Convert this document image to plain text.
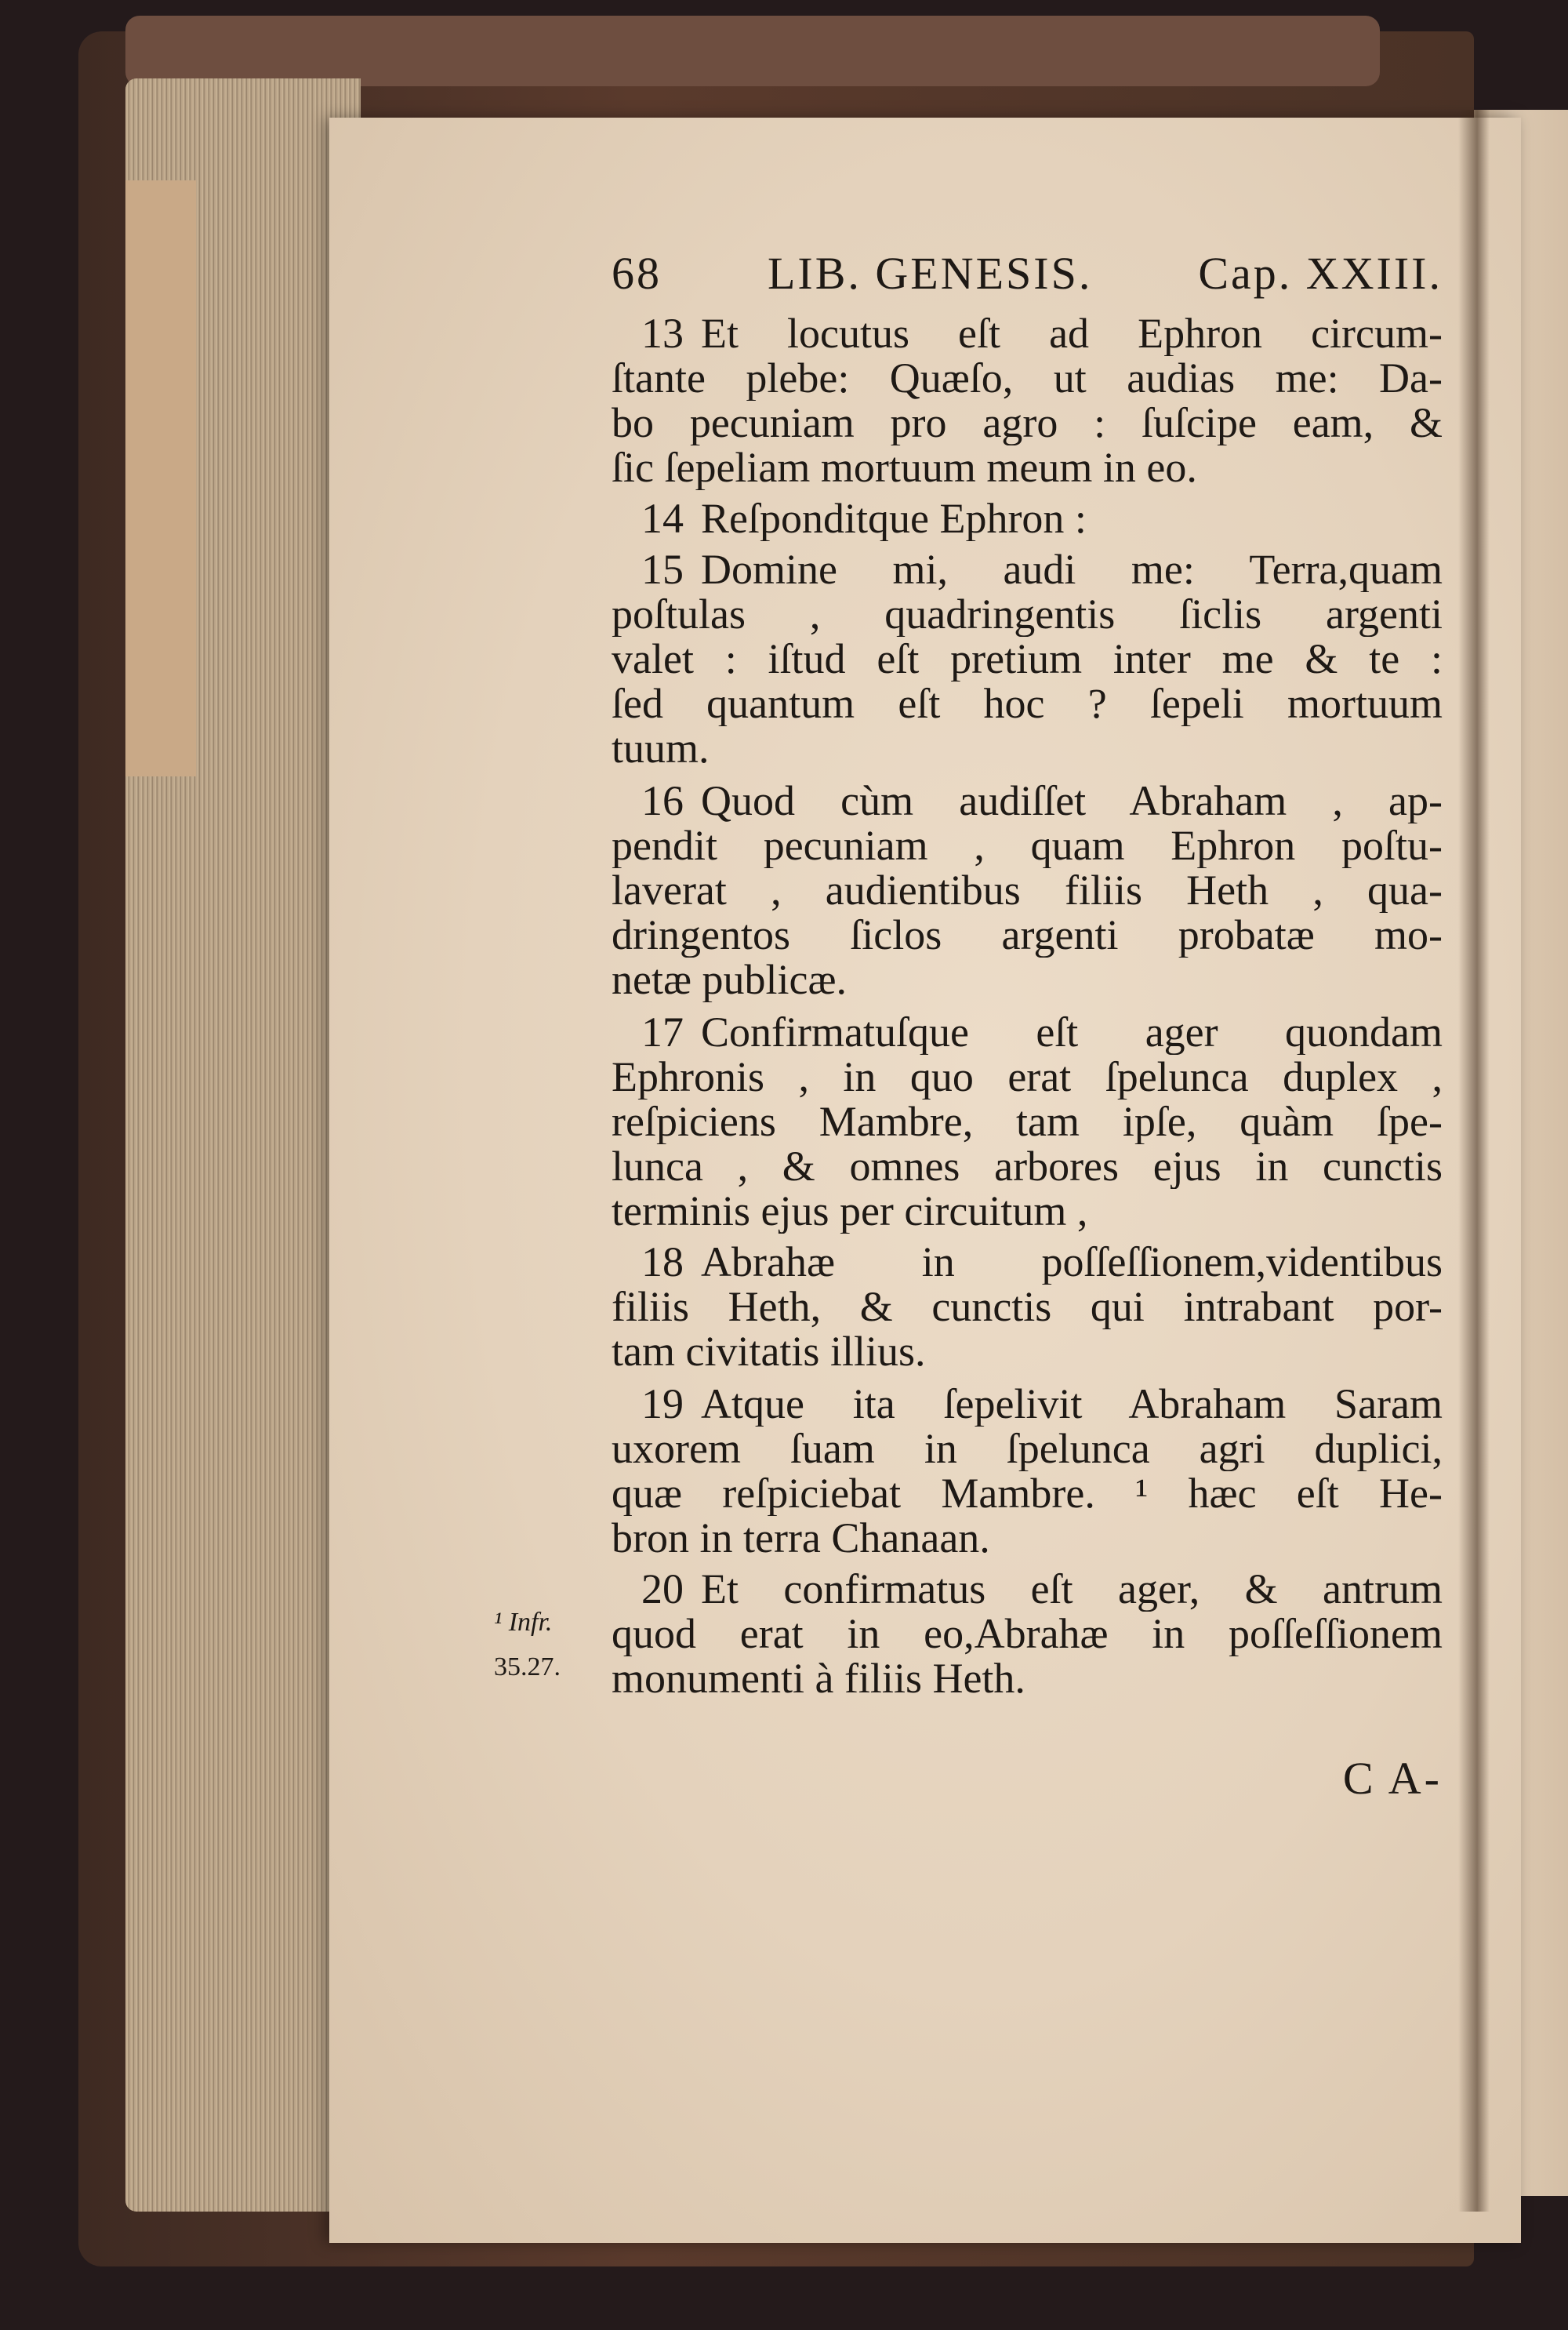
¹ Infr.
35.27.
68 LIB. GENESIS. Cap. XXIII.
13 Et locutus eſt ad Ephron circum-
ſtante plebe: Quæſo, ut audias me: Da-
bo pecuniam pro agro : ſuſcipe eam, &
ſic ſepeliam mortuum meum in eo.
14 Reſponditque Ephron :
15 Domine mi, audi me: Terra,quam
poſtulas , quadringentis ſiclis argenti
valet : iſtud eſt pretium inter me & te :
ſed quantum eſt hoc ? ſepeli mortuum
tuum.
16 Quod cùm audiſſet Abraham , ap-
pendit pecuniam , quam Ephron poſtu-
laverat , audientibus filiis Heth , qua-
dringentos ſiclos argenti probatæ mo-
netæ publicæ.
17 Confirmatuſque eſt ager quondam
Ephronis , in quo erat ſpelunca duplex ,
reſpiciens Mambre, tam ipſe, quàm ſpe-
lunca , & omnes arbores ejus in cunctis
terminis ejus per circuitum ,
18 Abrahæ in poſſeſſionem,videntibus
filiis Heth, & cunctis qui intrabant por-
tam civitatis illius.
19 Atque ita ſepelivit Abraham Saram
uxorem ſuam in ſpelunca agri duplici,
quæ reſpiciebat Mambre. ¹ hæc eſt He-
bron in terra Chanaan.
20 Et confirmatus eſt ager, & antrum
quod erat in eo,Abrahæ in poſſeſſionem
monumenti à filiis Heth.
C A-
